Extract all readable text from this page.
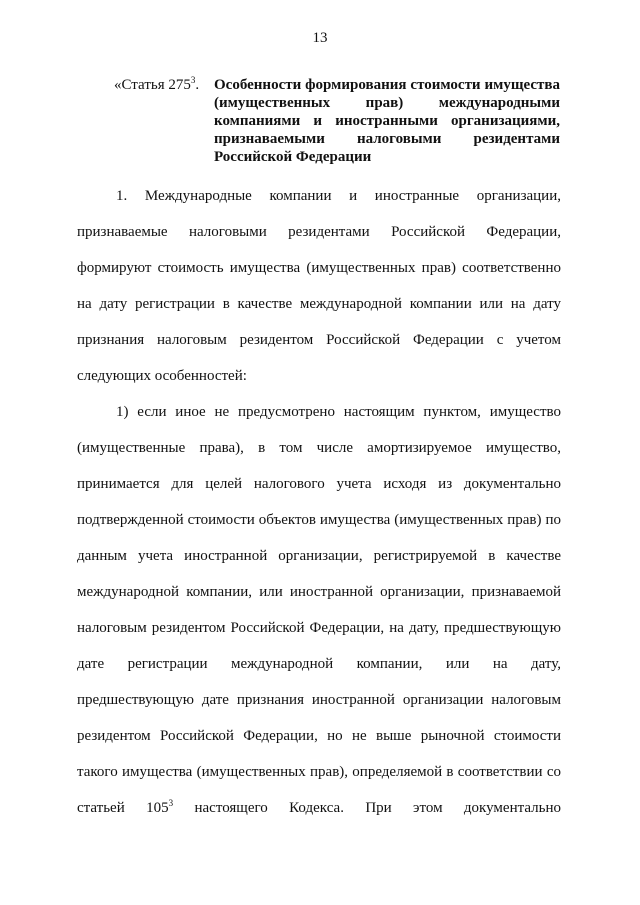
13
«Статья $275^3$. Особенности формирования стоимости имущества (имущественных прав) международными компаниями и иностранными организациями, признаваемыми налоговыми резидентами Российской Федерации
1. Международные компании и иностранные организации,
признаваемые налоговыми резидентами Российской Федерации,
формируют стоимость имущества (имущественных прав) соответственно
на дату регистрации в качестве международной компании или на дату
признания налоговым резидентом Российской Федерации с учетом
следующих особенностей:
1) если иное не предусмотрено настоящим пунктом, имущество
(имущественные права), в том числе амортизируемое имущество,
принимается для целей налогового учета исходя из документально
подтвержденной стоимости объектов имущества (имущественных прав) по
данным учета иностранной организации, регистрируемой в качестве
международной компании, или иностранной организации, признаваемой
налоговым резидентом Российской Федерации, на дату, предшествующую
дате регистрации международной компании, или на дату,
предшествующую дате признания иностранной организации налоговым
резидентом Российской Федерации, но не выше рыночной стоимости
такого имущества (имущественных прав), определяемой в соответствии со
статьей $105^3$ настоящего Кодекса. При этом документально
